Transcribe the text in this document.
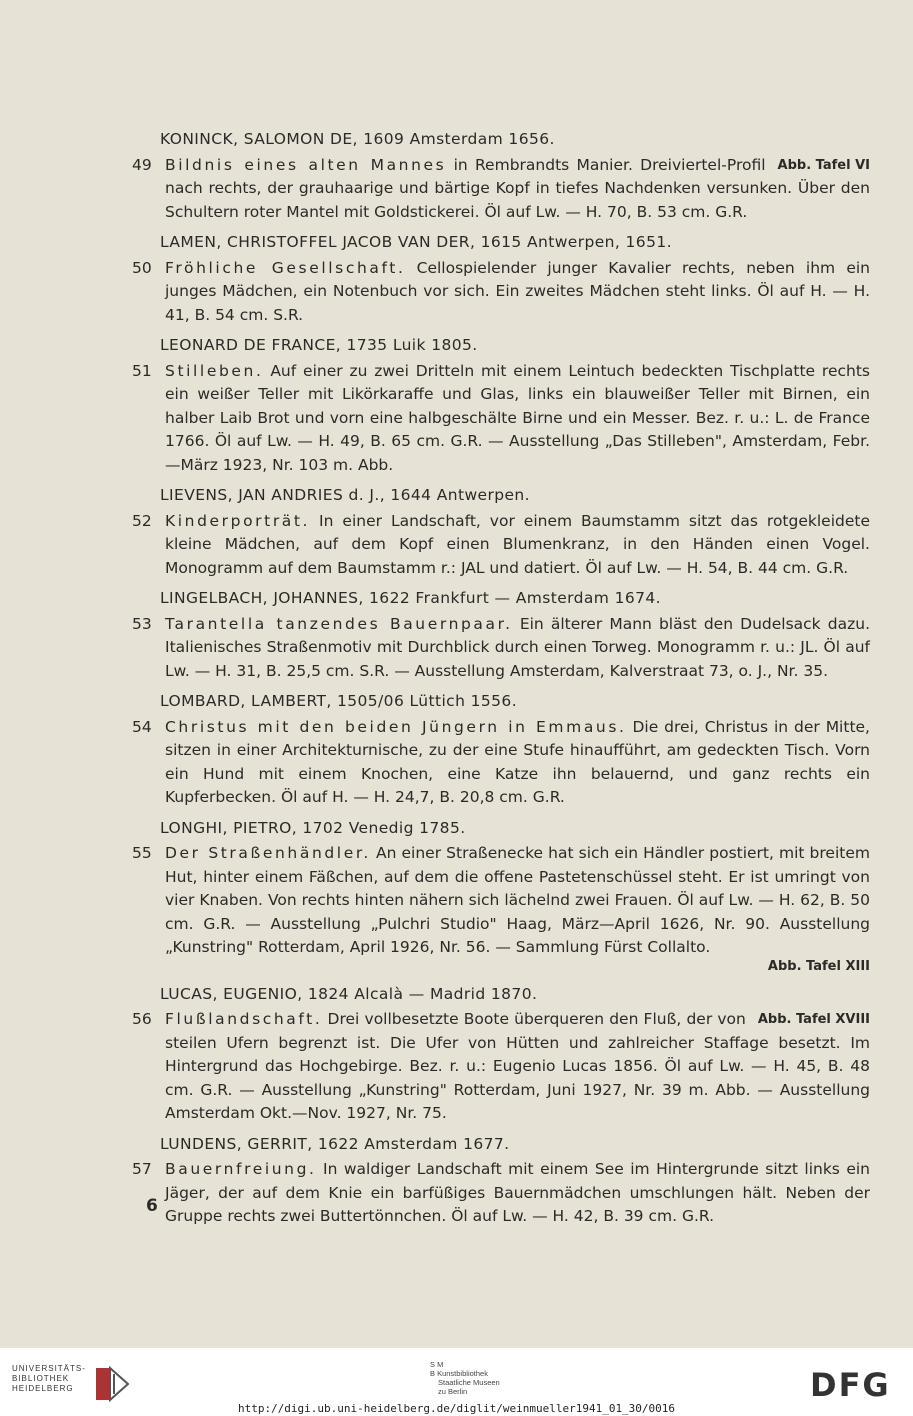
KONINCK, SALOMON DE, 1609 Amsterdam 1656.
49	Abb. Tafel VI
Bildnis eines alten Mannes in Rembrandts Manier. Dreiviertel-Profil nach rechts, der grauhaarige und bärtige Kopf in tiefes Nachdenken versunken. Über den Schultern roter Mantel mit Goldstickerei. Öl auf Lw. — H. 70, B. 53 cm. G.R.

LAMEN, CHRISTOFFEL JACOB VAN DER, 1615 Antwerpen, 1651.
50 Fröhliche Gesellschaft. Cellospielender junger Kavalier rechts, neben ihm ein junges Mädchen, ein Notenbuch vor sich. Ein zweites Mädchen steht links. Öl auf H. — H. 41, B. 54 cm. S.R.

LEONARD DE FRANCE, 1735 Luik 1805.
51 Stilleben. Auf einer zu zwei Dritteln mit einem Leintuch bedeckten Tischplatte rechts ein weißer Teller mit Likörkaraffe und Glas, links ein blauweißer Teller mit Birnen, ein halber Laib Brot und vorn eine halbgeschälte Birne und ein Messer. Bez. r. u.: L. de France 1766. Öl auf Lw. — H. 49, B. 65 cm. G.R. — Ausstellung „Das Stilleben", Amsterdam, Febr.—März 1923, Nr. 103 m. Abb.

LIEVENS, JAN ANDRIES d. J., 1644 Antwerpen.
52 Kinderporträt. In einer Landschaft, vor einem Baumstamm sitzt das rotgekleidete kleine Mädchen, auf dem Kopf einen Blumenkranz, in den Händen einen Vogel. Monogramm auf dem Baumstamm r.: JAL und datiert. Öl auf Lw. — H. 54, B. 44 cm. G.R.

LINGELBACH, JOHANNES, 1622 Frankfurt — Amsterdam 1674.
53 Tarantella tanzendes Bauernpaar. Ein älterer Mann bläst den Dudelsack dazu. Italienisches Straßenmotiv mit Durchblick durch einen Torweg. Monogramm r. u.: JL. Öl auf Lw. — H. 31, B. 25,5 cm. S.R. — Ausstellung Amsterdam, Kalverstraat 73, o. J., Nr. 35.

LOMBARD, LAMBERT, 1505/06 Lüttich 1556.
54 Christus mit den beiden Jüngern in Emmaus. Die drei, Christus in der Mitte, sitzen in einer Architekturnische, zu der eine Stufe hinaufführt, am gedeckten Tisch. Vorn ein Hund mit einem Knochen, eine Katze ihn belauernd, und ganz rechts ein Kupferbecken. Öl auf H. — H. 24,7, B. 20,8 cm. G.R.

LONGHI, PIETRO, 1702 Venedig 1785.
55 Der Straßenhändler. An einer Straßenecke hat sich ein Händler postiert, mit breitem Hut, hinter einem Fäßchen, auf dem die offene Pastetenschüssel steht. Er ist umringt von vier Knaben. Von rechts hinten nähern sich lächelnd zwei Frauen. Öl auf Lw. — H. 62, B. 50 cm. G.R. — Ausstellung „Pulchri Studio" Haag, März—April 1626, Nr. 90. Ausstellung „Kunstring" Rotterdam, April 1926, Nr. 56. — Sammlung Fürst Collalto.

Abb. Tafel XIII
LUCAS, EUGENIO, 1824 Alcalà — Madrid 1870.
56	Abb. Tafel XVIII
Flußlandschaft. Drei vollbesetzte Boote überqueren den Fluß, der von steilen Ufern begrenzt ist. Die Ufer von Hütten und zahlreicher Staffage besetzt. Im Hintergrund das Hochgebirge. Bez. r. u.: Eugenio Lucas 1856. Öl auf Lw. — H. 45, B. 48 cm. G.R. — Ausstellung „Kunstring" Rotterdam, Juni 1927, Nr. 39 m. Abb. — Ausstellung Amsterdam Okt.—Nov. 1927, Nr. 75.

LUNDENS, GERRIT, 1622 Amsterdam 1677.
57 Bauernfreiung. In waldiger Landschaft mit einem See im Hintergrunde sitzt links ein Jäger, der auf dem Knie ein barfüßiges Bauernmädchen umschlungen hält. Neben der Gruppe rechts zwei Buttertönnchen. Öl auf Lw. — H. 42, B. 39 cm. G.R.

6
UNIVERSITÄTS-
BIBLIOTHEK
HEIDELBERG
S M
B Kunstbibliothek
Staatliche Museen
zu Berlin	DFG
http://digi.ub.uni-heidelberg.de/diglit/weinmueller1941_01_30/0016
